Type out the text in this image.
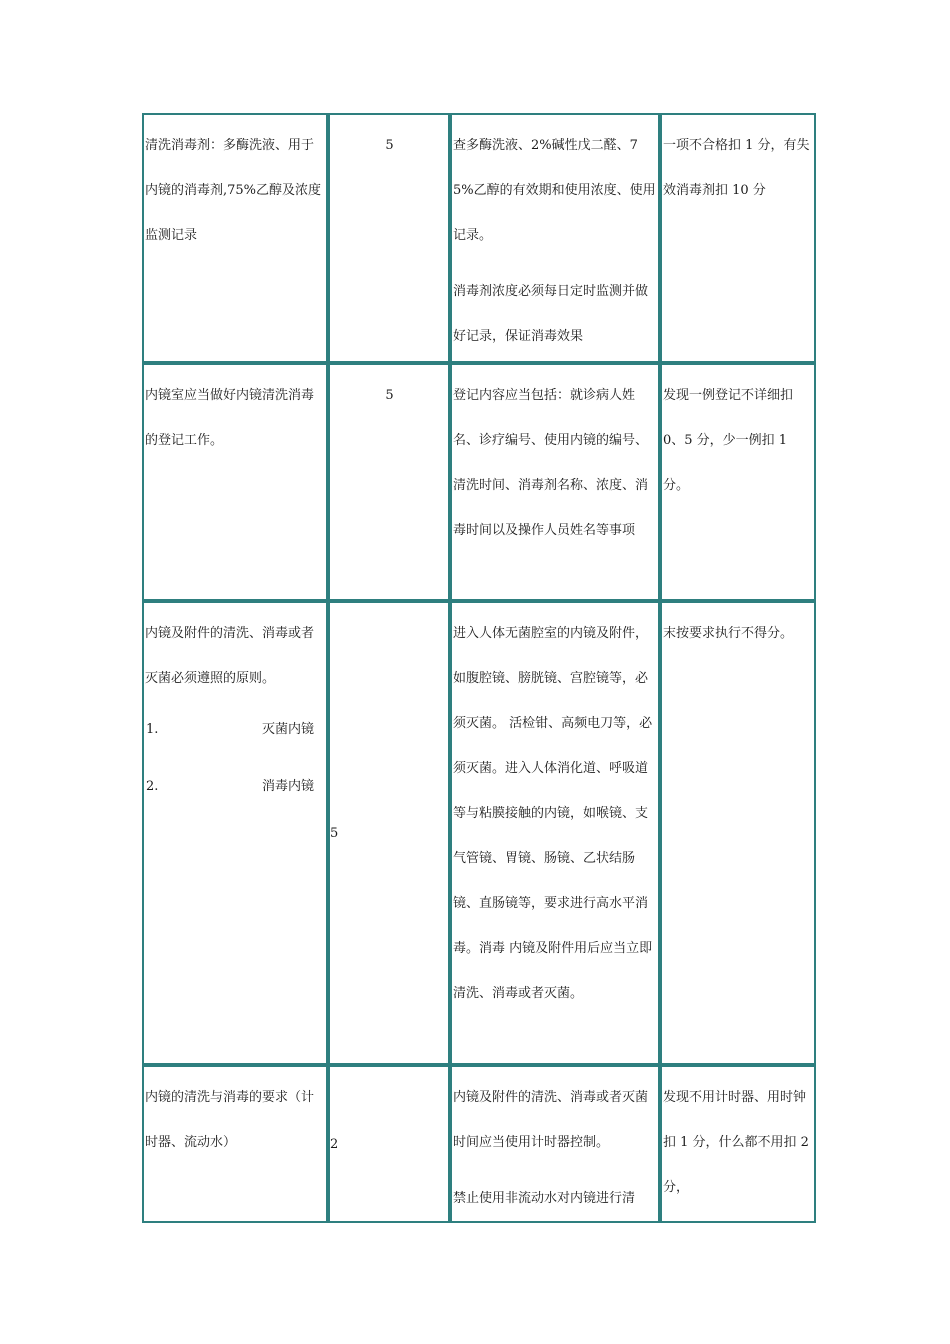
清洗消毒剂：多酶洗液、用于内镜的消毒剂,75%乙醇及浓度监测记录	5	查多酶洗液、2%碱性戊二醛、75%乙醇的有效期和使用浓度、使用记录。
消毒剂浓度必须每日定时监测并做好记录，保证消毒效果	一项不合格扣 1 分，有失效消毒剂扣 10 分

内镜室应当做好内镜清洗消毒的登记工作。	5	登记内容应当包括：就诊病人姓名、诊疗编号、使用内镜的编号、清洗时间、消毒剂名称、浓度、消毒时间以及操作人员姓名等事项	发现一例登记不详细扣 0、5 分，少一例扣 1 分。

内镜及附件的清洗、消毒或者灭菌必须遵照的原则。
1. 灭菌内镜
2. 消毒内镜	5	进入人体无菌腔室的内镜及附件，如腹腔镜、膀胱镜、宫腔镜等，必须灭菌。 活检钳、高频电刀等，必须灭菌。进入人体消化道、呼吸道等与粘膜接触的内镜，如喉镜、支气管镜、胃镜、肠镜、乙状结肠镜、直肠镜等，要求进行高水平消毒。消毒 内镜及附件用后应当立即清洗、消毒或者灭菌。	末按要求执行不得分。

内镜的清洗与消毒的要求（计时器、流动水）	2	内镜及附件的清洗、消毒或者灭菌时间应当使用计时器控制。
禁止使用非流动水对内镜进行清	发现不用计时器、用时钟扣 1 分，什么都不用扣 2 分，
